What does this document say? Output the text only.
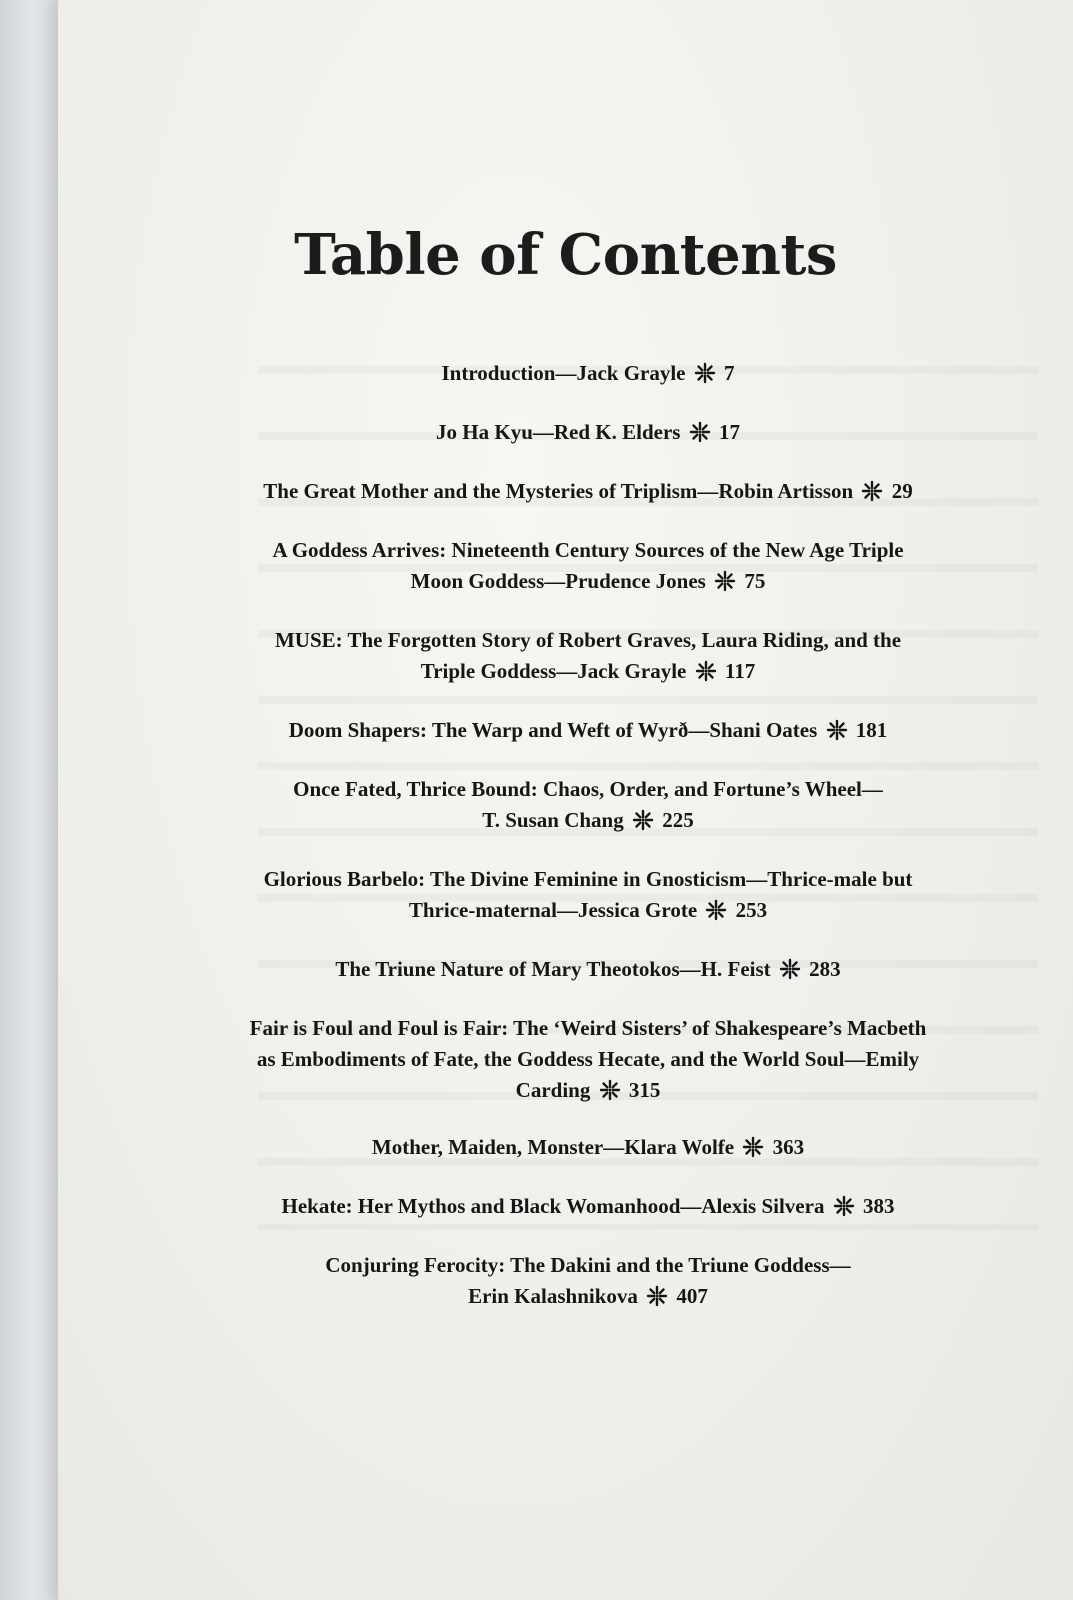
Table of Contents
Introduction—Jack Grayle 7
Jo Ha Kyu—Red K. Elders 17
The Great Mother and the Mysteries of Triplism—Robin Artisson 29
A Goddess Arrives: Nineteenth Century Sources of the New Age Triple
Moon Goddess—Prudence Jones 75
MUSE: The Forgotten Story of Robert Graves, Laura Riding, and the
Triple Goddess—Jack Grayle 117
Doom Shapers: The Warp and Weft of Wyrð—Shani Oates 181
Once Fated, Thrice Bound: Chaos, Order, and Fortune’s Wheel—
T. Susan Chang 225
Glorious Barbelo: The Divine Feminine in Gnosticism—Thrice-male but
Thrice-maternal—Jessica Grote 253
The Triune Nature of Mary Theotokos—H. Feist 283
Fair is Foul and Foul is Fair: The ‘Weird Sisters’ of Shakespeare’s Macbeth
as Embodiments of Fate, the Goddess Hecate, and the World Soul—Emily
Carding 315
Mother, Maiden, Monster—Klara Wolfe 363
Hekate: Her Mythos and Black Womanhood—Alexis Silvera 383
Conjuring Ferocity: The Dakini and the Triune Goddess—
Erin Kalashnikova 407
